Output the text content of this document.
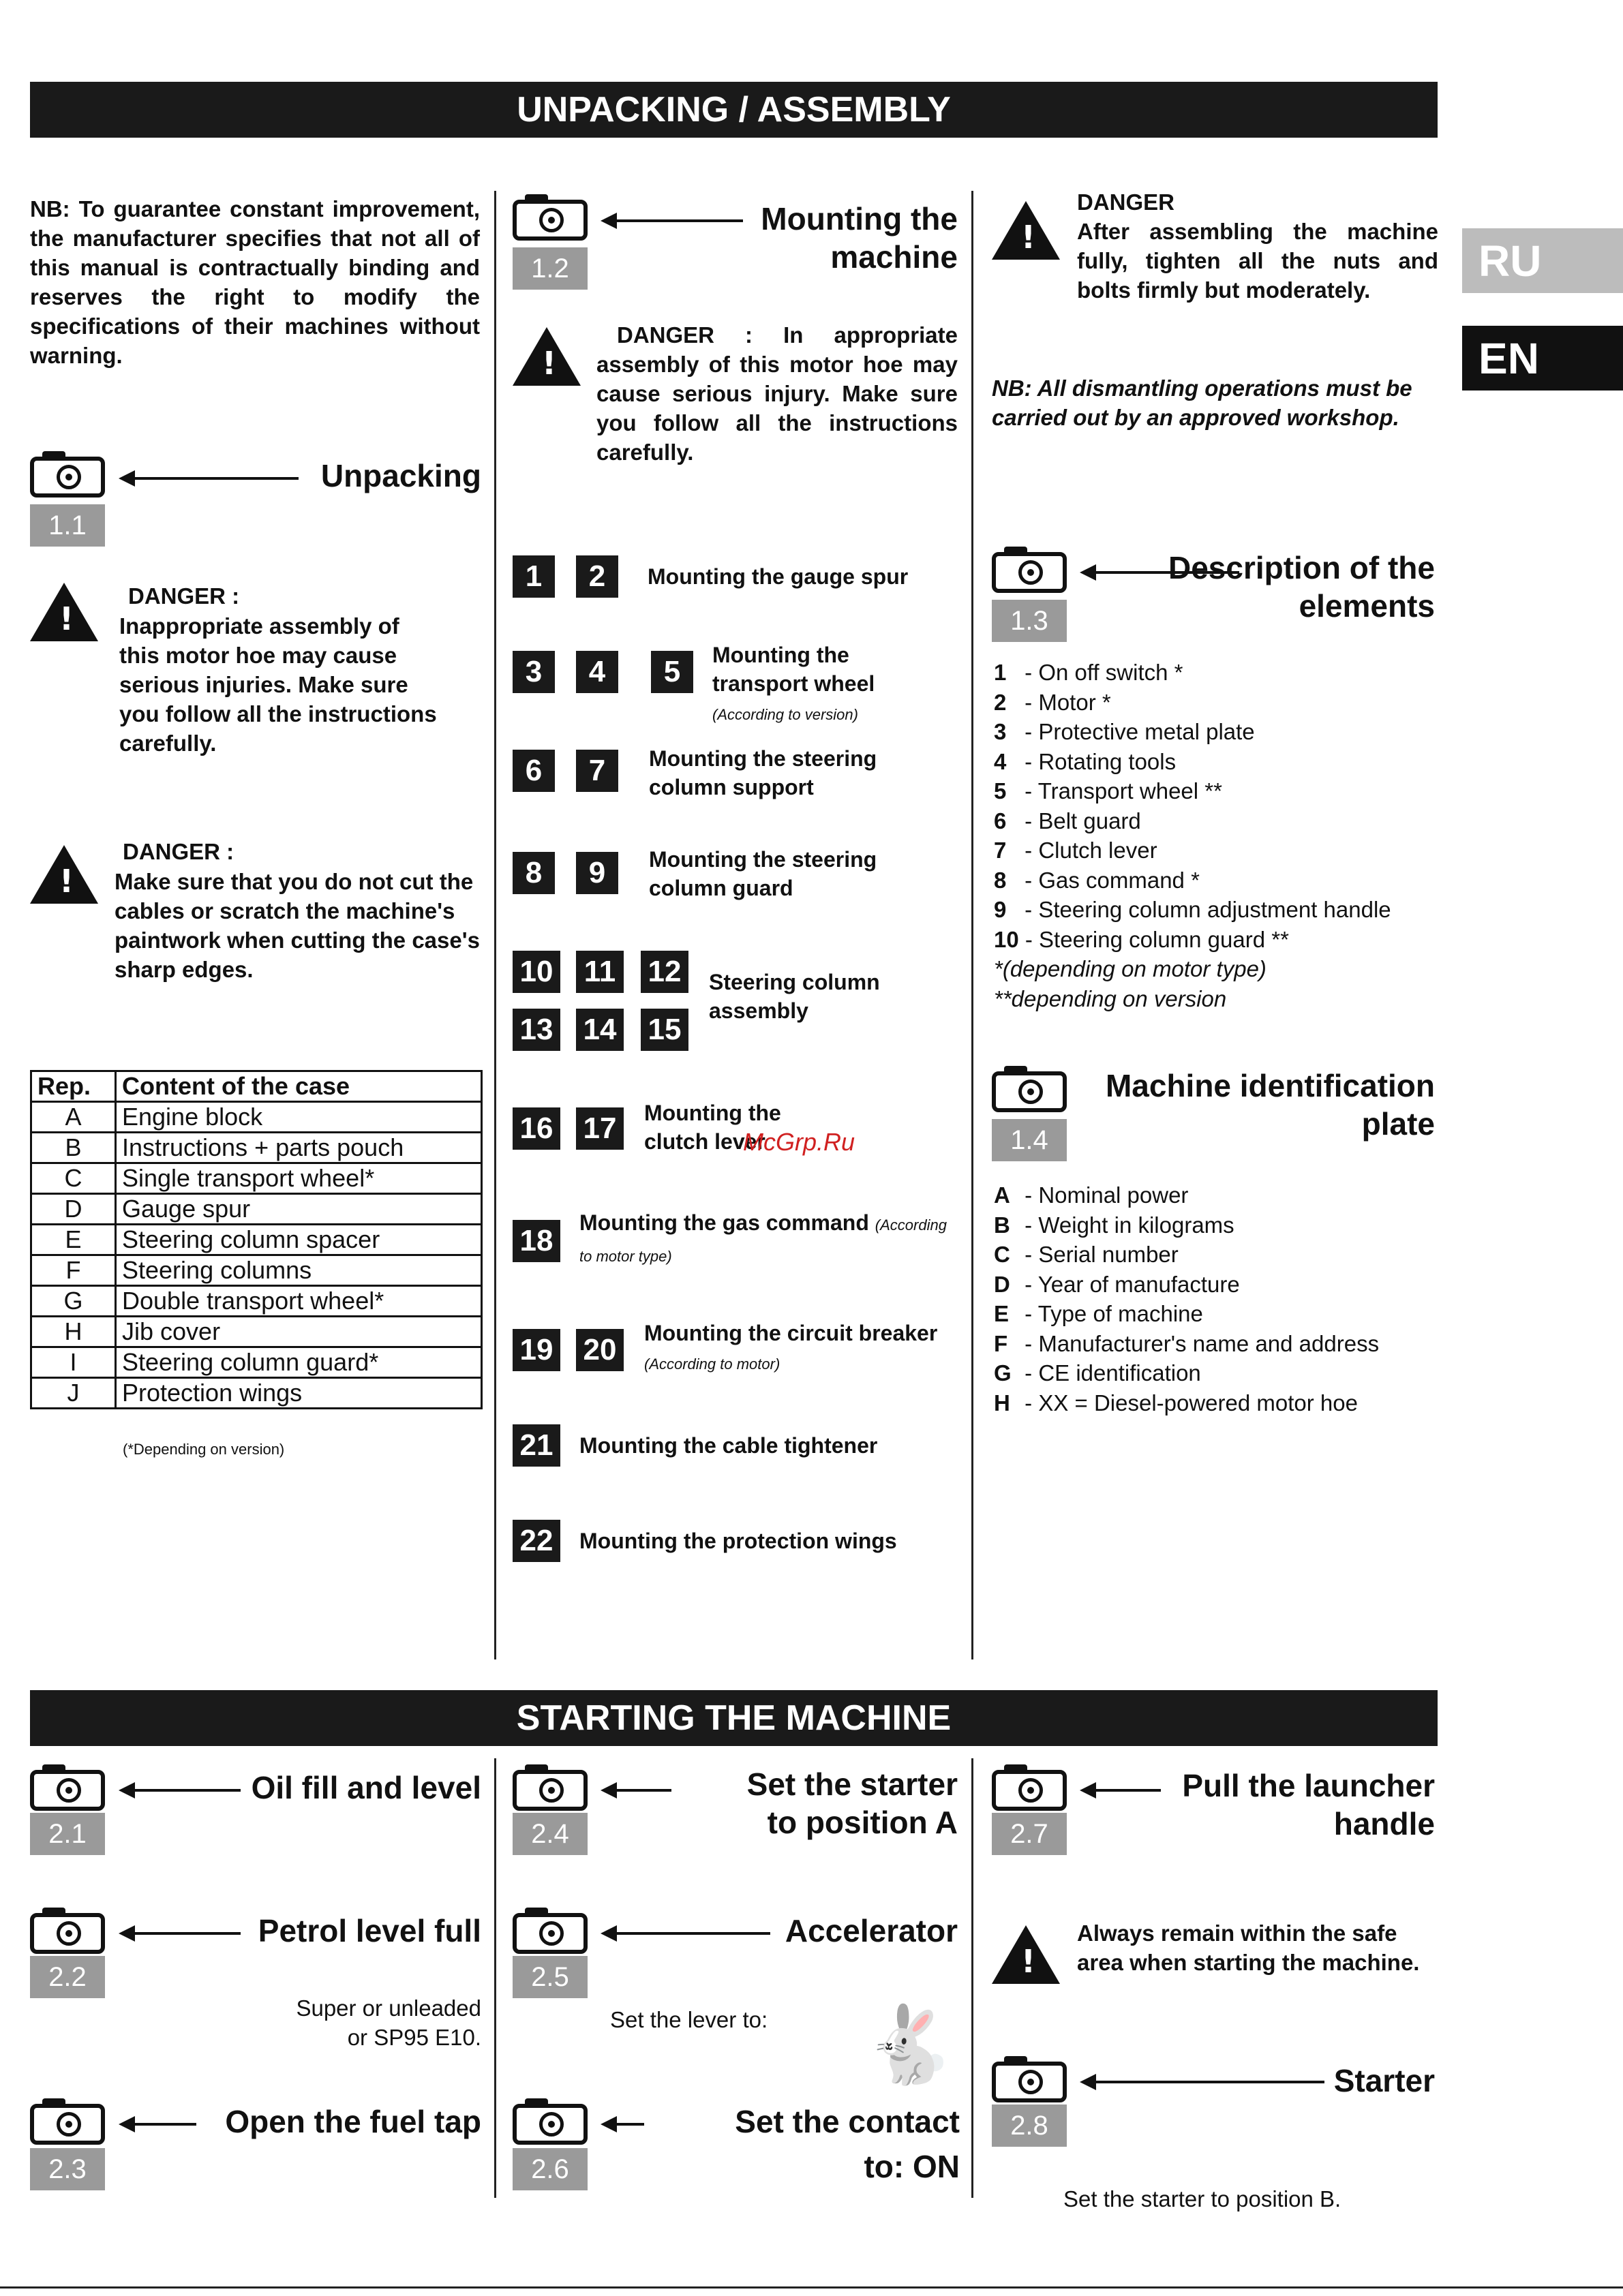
RU
EN
UNPACKING / ASSEMBLY
NB: To guarantee constant improvement, the manufacturer specifies that not all of this manual is contractually binding and reserves the right to modify the specifications of their machines without warning.
1.1
Unpacking
!
DANGER :
Inappropriate assembly of this motor hoe may cause serious injuries. Make sure you follow all the instructions carefully.
!
DANGER :
Make sure that you do not cut the cables or scratch the machine's paintwork when cutting the case's sharp edges.
Rep.	Content of the case
A	Engine block
B	Instructions + parts pouch
C	Single transport wheel*
D	Gauge spur
E	Steering column spacer
F	Steering columns
G	Double transport wheel*
H	Jib cover
I	Steering column guard*
J	Protection wings
(*Depending on version)
1.2
Mounting the machine
!
DANGER : In appropriate assembly of this motor hoe may cause serious injury. Make sure you follow all the instructions carefully.
1	2	Mounting the gauge spur
3	4	5	Mounting the transport wheel (According to version)
6	7	Mounting the steering column support
8	9	Mounting the steering column guard
10 11 12
13 14 15
Steering column assembly
16 17	Mounting the clutch lever
McGrp.Ru
18
Mounting the gas command (According to motor type)
19 20	Mounting the circuit breaker
(According to motor)
21	Mounting the cable tightener
22	Mounting the protection wings
!
DANGER
After assembling the machine fully, tighten all the nuts and bolts firmly but moderately.
NB: All dismantling operations must be carried out by an approved workshop.
1.3
Description of the elements
1 - On off switch *
2 - Motor *
3 - Protective metal plate
4 - Rotating tools
5 - Transport wheel **
6 - Belt guard
7 - Clutch lever
8 - Gas command *
9 - Steering column adjustment handle
10 - Steering column guard **
*(depending on motor type)
**depending on version
1.4
Machine identification plate
A - Nominal power
B - Weight in kilograms
C - Serial number
D - Year of manufacture
E - Type of machine
F - Manufacturer's name and address
G - CE identification
H - XX = Diesel-powered motor hoe
STARTING THE MACHINE
2.1
Oil fill and level
2.2
Petrol level full
Super or unleaded
or SP95 E10.
2.3
Open the fuel tap
2.4
Set the starter
to position A
2.5
Accelerator
Set the lever to: 🐇
2.6
Set the contact
to: ON
2.7
Pull the launcher
handle
!
Always remain within the safe area when starting the machine.
2.8
Starter
Set the starter to position B.
